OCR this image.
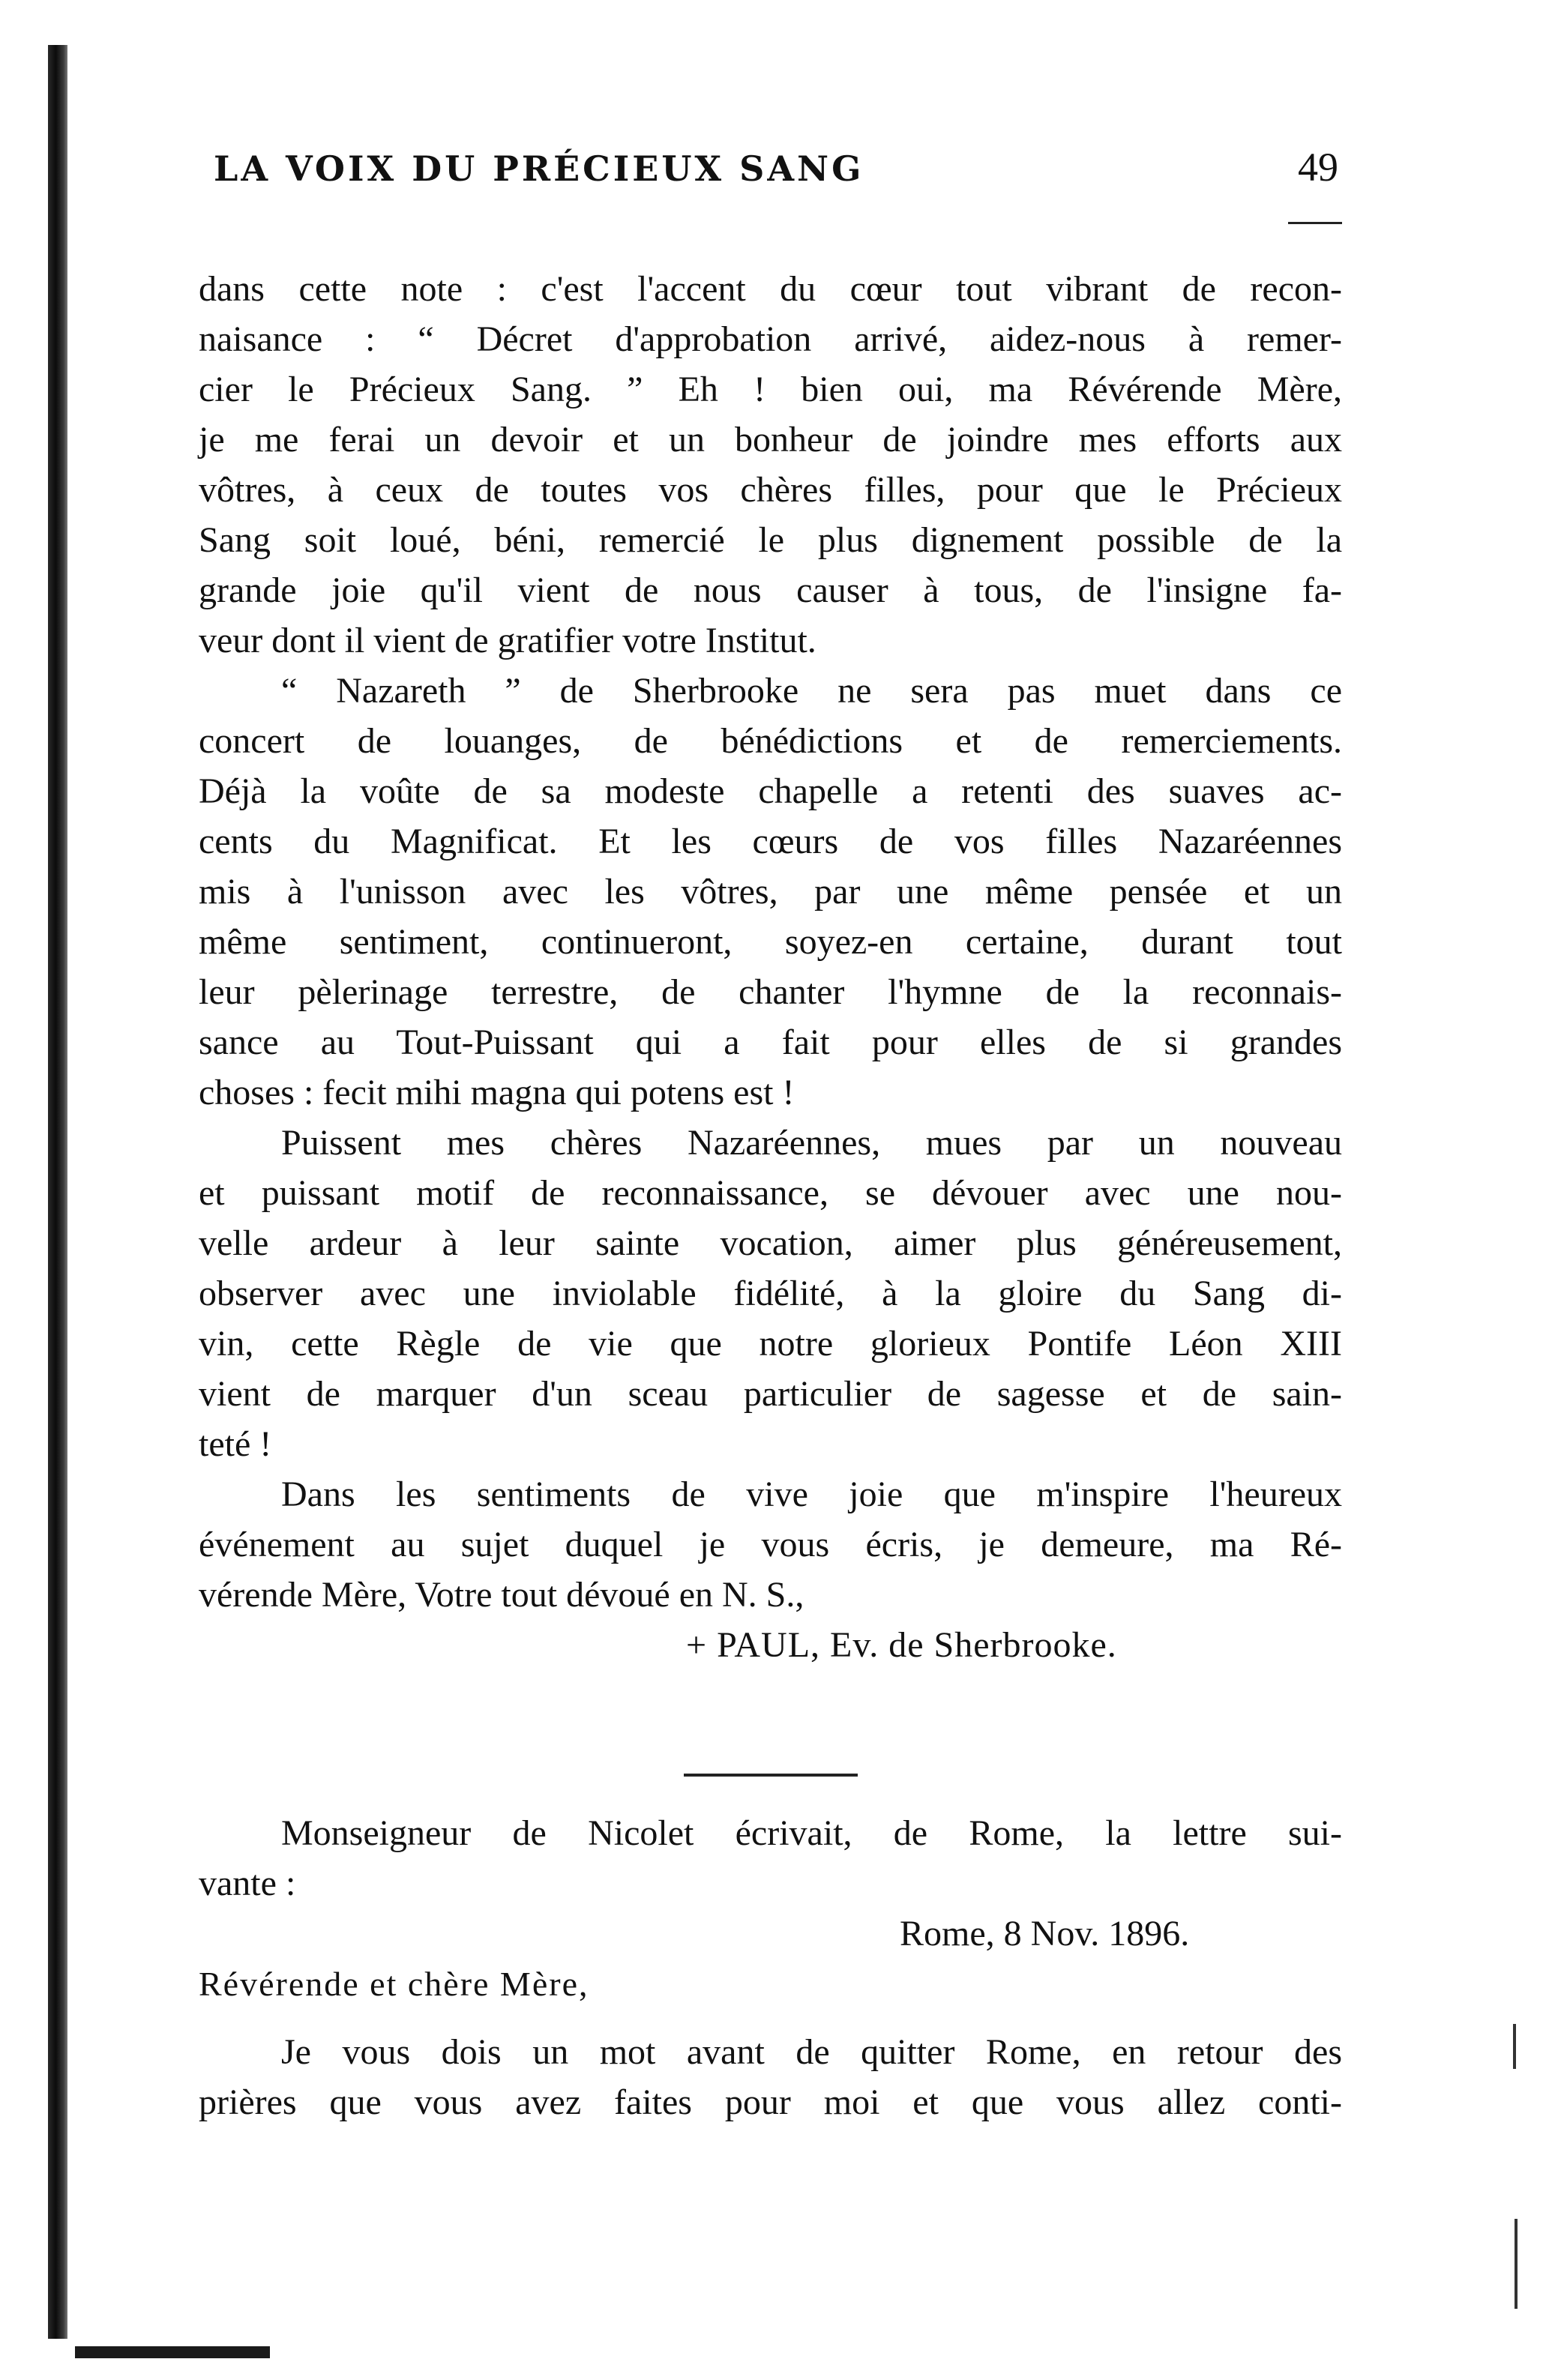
LA VOIX DU PRÉCIEUX SANG	49
dans cette note : c'est l'accent du cœur tout vibrant de recon-
naisance : “ Décret d'approbation arrivé, aidez-nous à remer-
cier le Précieux Sang. ” Eh ! bien oui, ma Révérende Mère,
je me ferai un devoir et un bonheur de joindre mes efforts aux
vôtres, à ceux de toutes vos chères filles, pour que le Précieux
Sang soit loué, béni, remercié le plus dignement possible de la
grande joie qu'il vient de nous causer à tous, de l'insigne fa-
veur dont il vient de gratifier votre Institut.
“ Nazareth ” de Sherbrooke ne sera pas muet dans ce
concert de louanges, de bénédictions et de remerciements.
Déjà la voûte de sa modeste chapelle a retenti des suaves ac-
cents du Magnificat. Et les cœurs de vos filles Nazaréennes
mis à l'unisson avec les vôtres, par une même pensée et un
même sentiment, continueront, soyez-en certaine, durant tout
leur pèlerinage terrestre, de chanter l'hymne de la reconnais-
sance au Tout-Puissant qui a fait pour elles de si grandes
choses : fecit mihi magna qui potens est !
Puissent mes chères Nazaréennes, mues par un nouveau
et puissant motif de reconnaissance, se dévouer avec une nou-
velle ardeur à leur sainte vocation, aimer plus généreusement,
observer avec une inviolable fidélité, à la gloire du Sang di-
vin, cette Règle de vie que notre glorieux Pontife Léon XIII
vient de marquer d'un sceau particulier de sagesse et de sain-
teté !
Dans les sentiments de vive joie que m'inspire l'heureux
événement au sujet duquel je vous écris, je demeure, ma Ré-
vérende Mère, Votre tout dévoué en N. S.,
+ PAUL, Ev. de Sherbrooke.
Monseigneur de Nicolet écrivait, de Rome, la lettre sui-
vante :
Rome, 8 Nov. 1896.
Révérende et chère Mère,
Je vous dois un mot avant de quitter Rome, en retour des
prières que vous avez faites pour moi et que vous allez conti-
